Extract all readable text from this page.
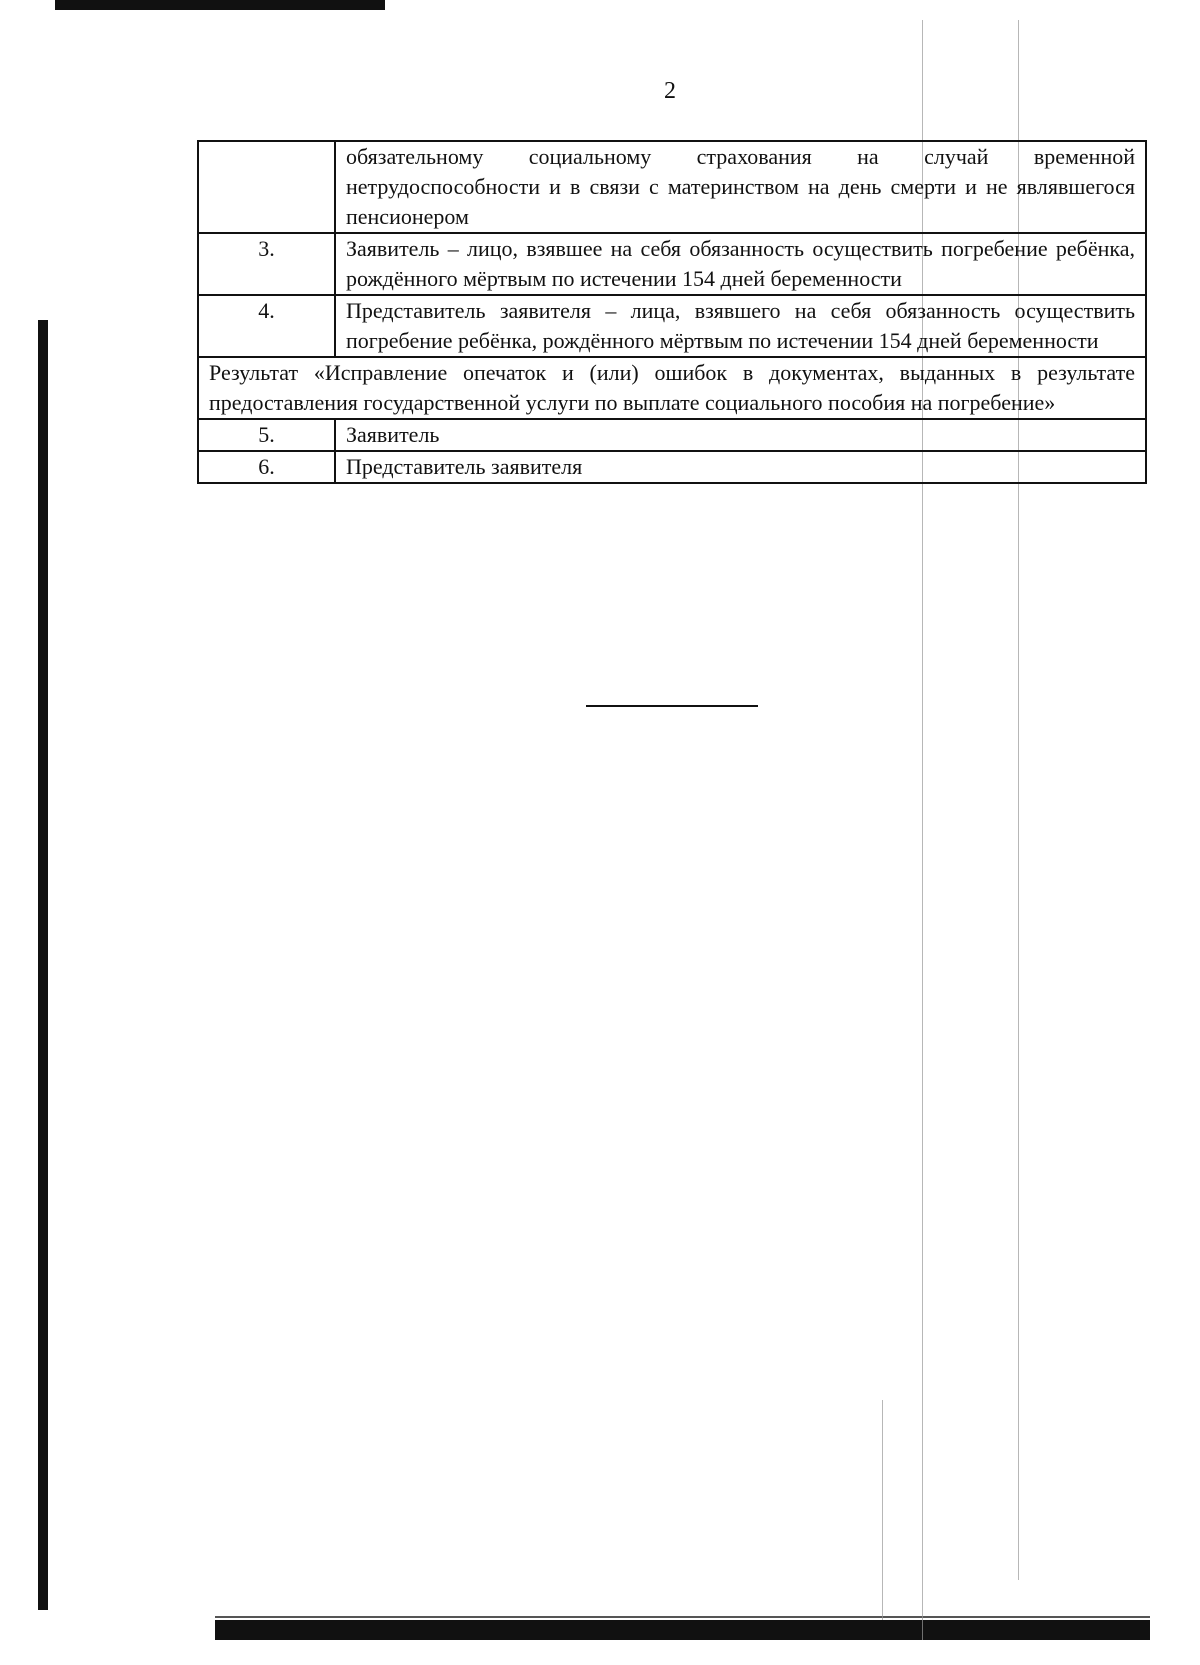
2
	обязательному социальному страхования на случай временной нетрудоспособности и в связи с материнством на день смерти и не являвшегося пенсионером
3.	Заявитель – лицо, взявшее на себя обязанность осуществить погребение ребёнка, рождённого мёртвым по истечении 154 дней беременности
4.	Представитель заявителя – лица, взявшего на себя обязанность осуществить погребение ребёнка, рождённого мёртвым по истечении 154 дней беременности
Результат «Исправление опечаток и (или) ошибок в документах, выданных в результате предоставления государственной услуги по выплате социального пособия на погребение»	
5.	Заявитель
6.	Представитель заявителя
